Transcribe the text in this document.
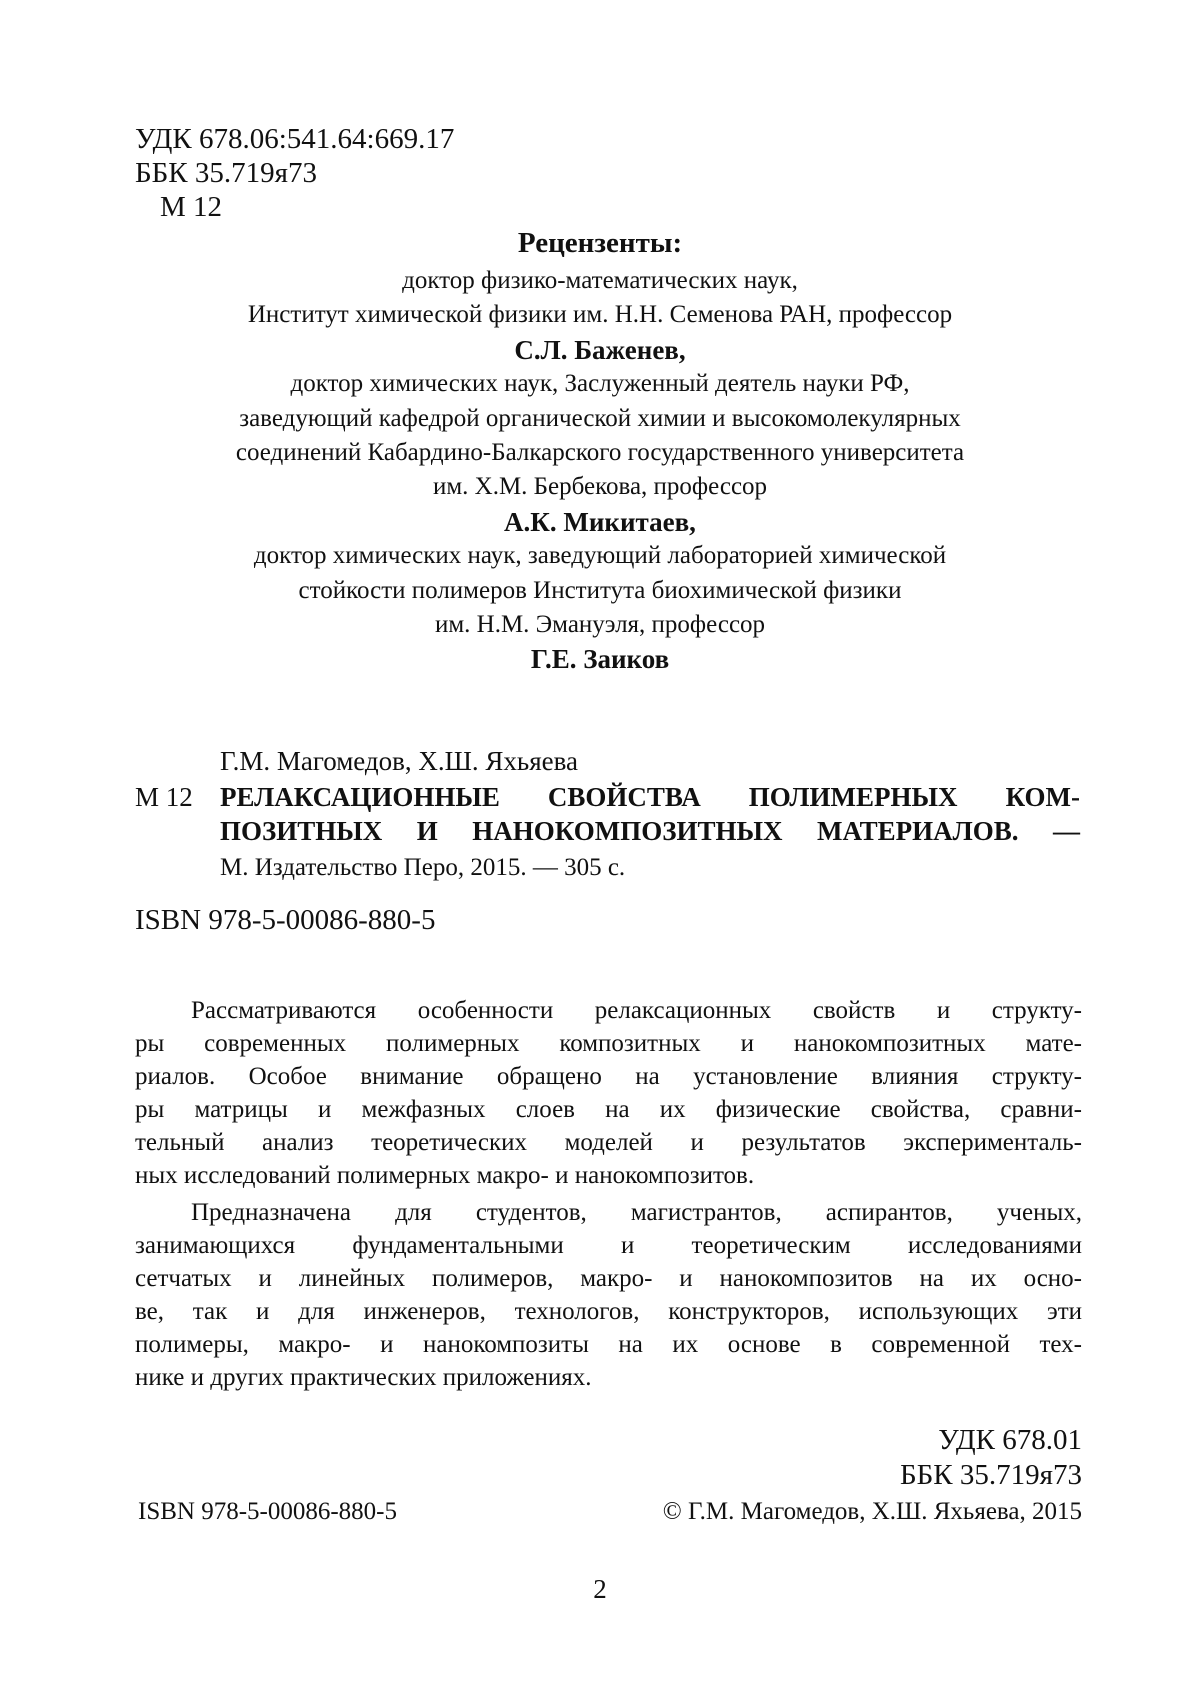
УДК 678.06:541.64:669.17
ББК 35.719я73
М 12
Рецензенты:
доктор физико-математических наук,
Институт химической физики им. Н.Н. Семенова РАН, профессор
С.Л. Баженев,
доктор химических наук, Заслуженный деятель науки РФ,
заведующий кафедрой органической химии и высокомолекулярных
соединений Кабардино-Балкарского государственного университета
им. Х.М. Бербекова, профессор
А.К. Микитаев,
доктор химических наук, заведующий лабораторией химической
стойкости полимеров Института биохимической физики
им. Н.М. Эмануэля, профессор
Г.Е. Заиков
Г.М. Магомедов, Х.Ш. Яхьяева
М 12 РЕЛАКСАЦИОННЫЕ СВОЙСТВА ПОЛИМЕРНЫХ КОМ-
ПОЗИТНЫХ И НАНОКОМПОЗИТНЫХ МАТЕРИАЛОВ. —
М. Издательство Перо, 2015. — 305 с.
ISBN 978-5-00086-880-5
Рассматриваются особенности релаксационных свойств и структу-
ры современных полимерных композитных и нанокомпозитных мате-
риалов. Особое внимание обращено на установление влияния структу-
ры матрицы и межфазных слоев на их физические свойства, сравни-
тельный анализ теоретических моделей и результатов эксперименталь-
ных исследований полимерных макро- и нанокомпозитов.
Предназначена для студентов, магистрантов, аспирантов, ученых,
занимающихся фундаментальными и теоретическим исследованиями
сетчатых и линейных полимеров, макро- и нанокомпозитов на их осно-
ве, так и для инженеров, технологов, конструкторов, использующих эти
полимеры, макро- и нанокомпозиты на их основе в современной тех-
нике и других практических приложениях.
УДК 678.01
ББК 35.719я73
ISBN 978-5-00086-880-5	© Г.М. Магомедов, Х.Ш. Яхьяева, 2015
2
